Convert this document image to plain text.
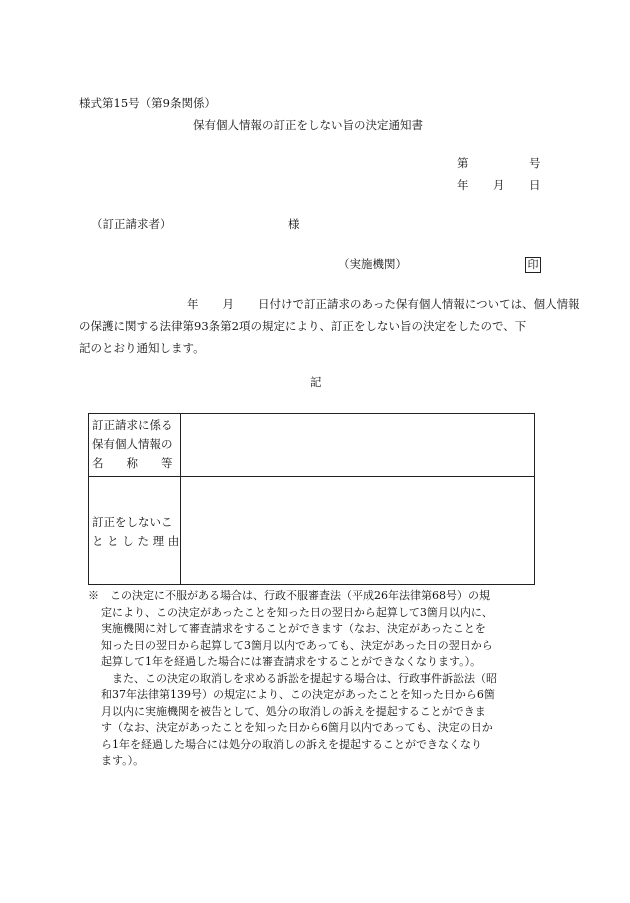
様式第15号（第9条関係）
保有個人情報の訂正をしない旨の決定通知書
第	号
年 月 日
（訂正請求者）	様
（実施機関）	印
年 月 日付けで訂正請求のあった保有個人情報については、個人情報
の保護に関する法律第93条第2項の規定により、訂正をしない旨の決定をしたので、下
記のとおり通知します。
記
訂正請求に係る
保有個人情報の
名　　称　　等
訂正をしないこ
と と し た 理 由
※　 この決定に不服がある場合は、行政不服審査法（平成26年法律第68号）の規
定により、この決定があったことを知った日の翌日から起算して3箇月以内に、
実施機関に対して審査請求をすることができます（なお、決定があったことを
知った日の翌日から起算して3箇月以内であっても、決定があった日の翌日から
起算して1年を経過した場合には審査請求をすることができなくなります。）。
また、この決定の取消しを求める訴訟を提起する場合は、行政事件訴訟法（昭
和37年法律第139号）の規定により、この決定があったことを知った日から6箇
月以内に実施機関を被告として、処分の取消しの訴えを提起することができま
す（なお、決定があったことを知った日から6箇月以内であっても、決定の日か
ら1年を経過した場合には処分の取消しの訴えを提起することができなくなり
ます。）。
